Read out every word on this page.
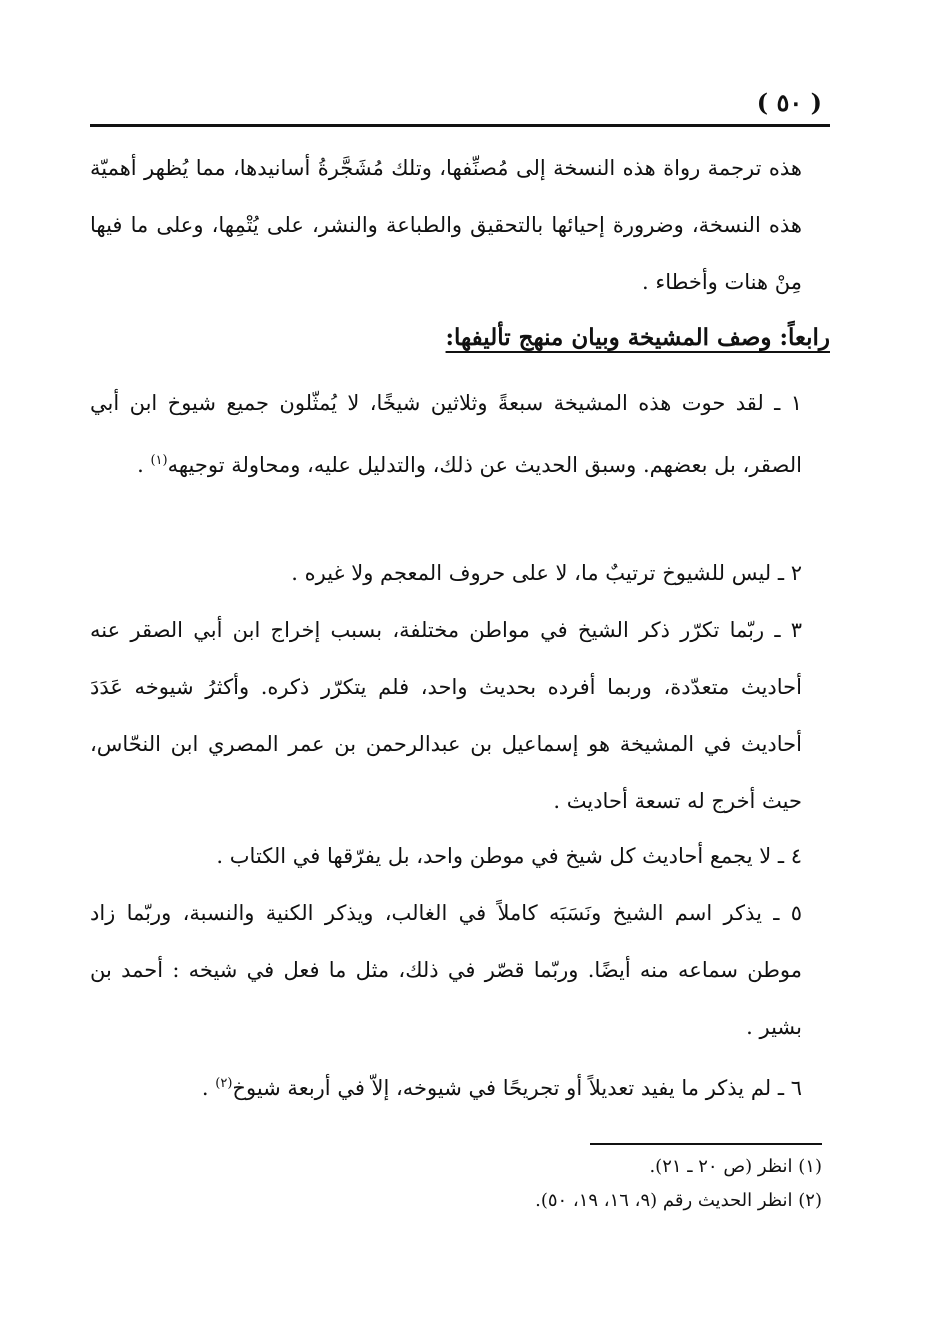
( ٥٠ )

هذه ترجمة رواة هذه النسخة إلى مُصنِّفها، وتلك مُشَجَّرةُ أسانيدها، مما يُظهر أهميّة هذه النسخة، وضرورة إحيائها بالتحقيق والطباعة والنشر، على يُتْمِها، وعلى ما فيها مِنْ هنات وأخطاء .

رابعاً: وصف المشيخة وبيان منهج تأليفها:

١ ـ لقد حوت هذه المشيخة سبعةً وثلاثين شيخًا، لا يُمثّلون جميع شيوخ ابن أبي الصقر، بل بعضهم. وسبق الحديث عن ذلك، والتدليل عليه، ومحاولة توجيهه$^{(١)}$ .

٢ ـ ليس للشيوخ ترتيبٌ ما، لا على حروف المعجم ولا غيره .

٣ ـ ربّما تكرّر ذكر الشيخ في مواطن مختلفة، بسبب إخراج ابن أبي الصقر عنه أحاديث متعدّدة، وربما أفرده بحديث واحد، فلم يتكرّر ذكره. وأكثرُ شيوخه عَدَدَ أحاديث في المشيخة هو إسماعيل بن عبدالرحمن بن عمر المصري ابن النحّاس، حيث أخرج له تسعة أحاديث .

٤ ـ لا يجمع أحاديث كل شيخ في موطن واحد، بل يفرّقها في الكتاب .

٥ ـ يذكر اسم الشيخ ونَسَبَه كاملاً في الغالب، ويذكر الكنية والنسبة، وربّما زاد موطن سماعه منه أيضًا. وربّما قصّر في ذلك، مثل ما فعل في شيخه : أحمد بن بشير .

٦ ـ لم يذكر ما يفيد تعديلاً أو تجريحًا في شيوخه، إلاّ في أربعة شيوخ$^{(٢)}$ .

(١) انظر (ص ٢٠ ـ ٢١).
(٢) انظر الحديث رقم (٩، ١٦، ١٩، ٥٠).
